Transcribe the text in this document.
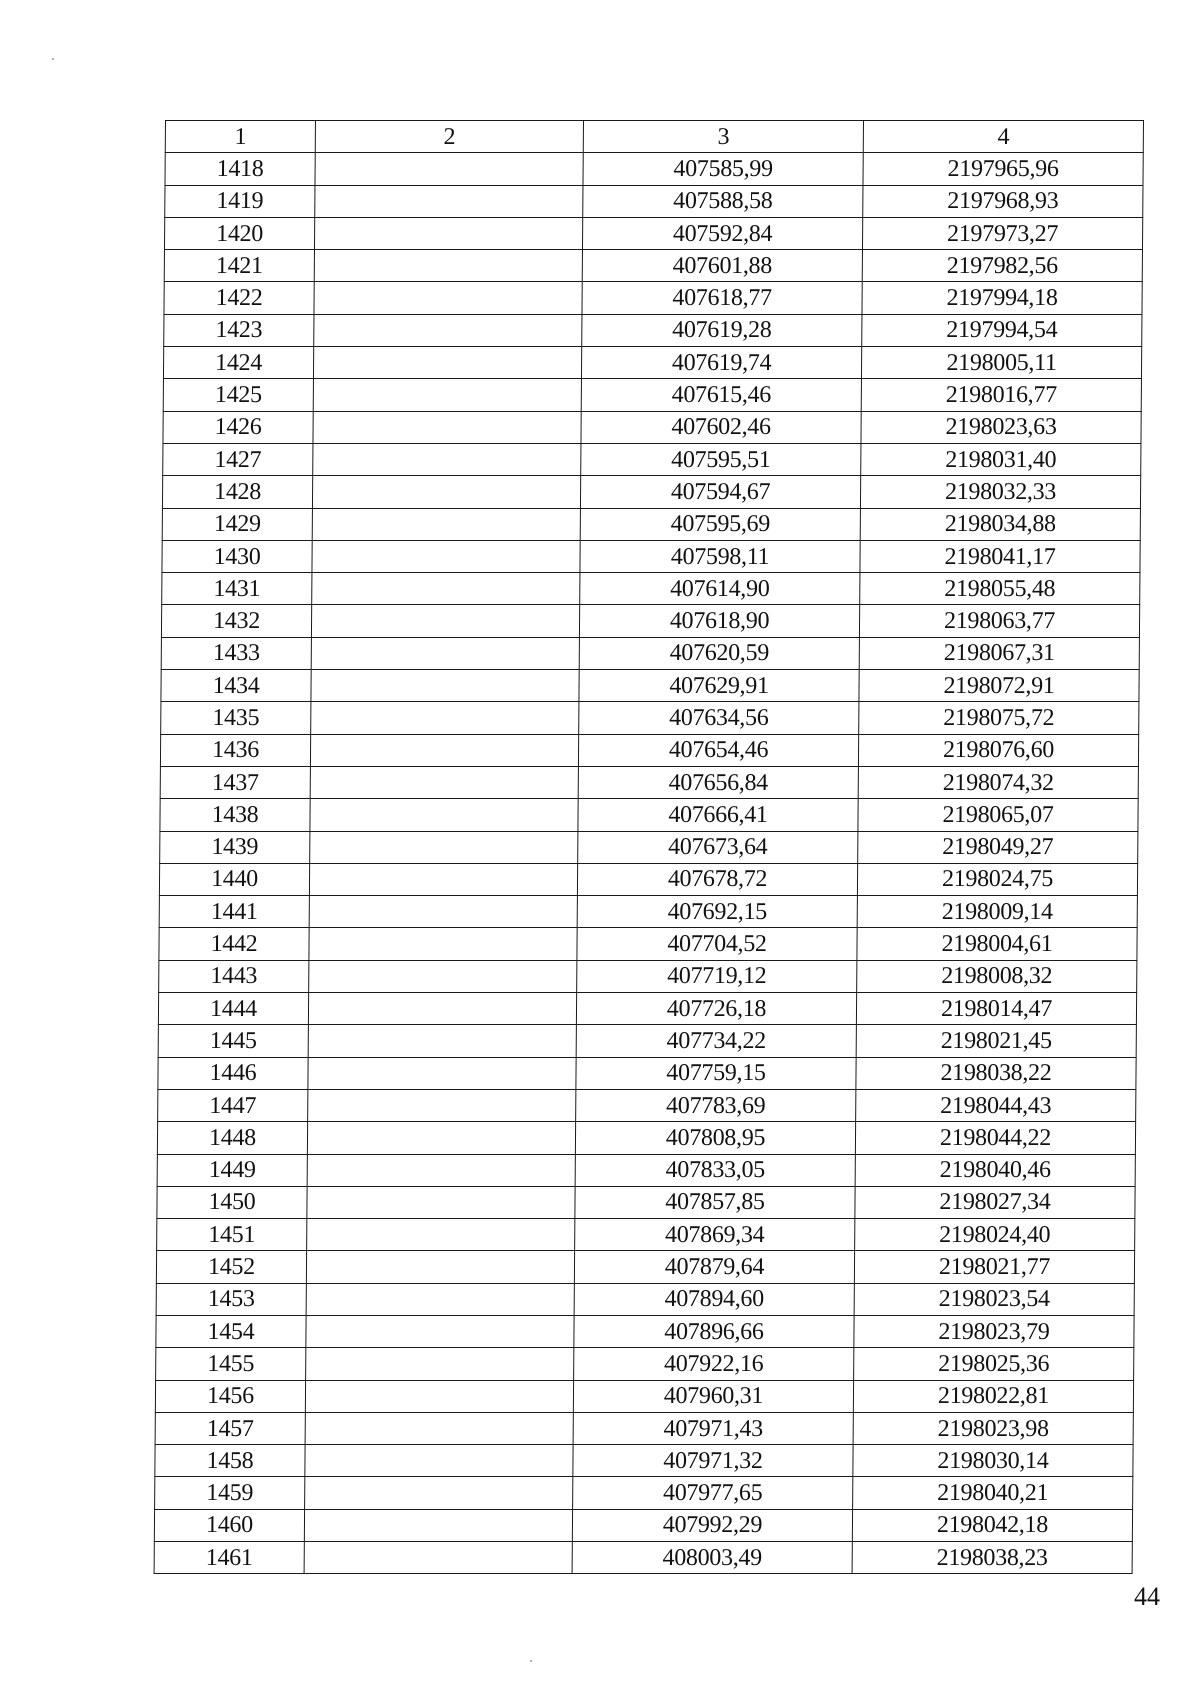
1	2	3	4
1418		407585,99	2197965,96
1419		407588,58	2197968,93
1420		407592,84	2197973,27
1421		407601,88	2197982,56
1422		407618,77	2197994,18
1423		407619,28	2197994,54
1424		407619,74	2198005,11
1425		407615,46	2198016,77
1426		407602,46	2198023,63
1427		407595,51	2198031,40
1428		407594,67	2198032,33
1429		407595,69	2198034,88
1430		407598,11	2198041,17
1431		407614,90	2198055,48
1432		407618,90	2198063,77
1433		407620,59	2198067,31
1434		407629,91	2198072,91
1435		407634,56	2198075,72
1436		407654,46	2198076,60
1437		407656,84	2198074,32
1438		407666,41	2198065,07
1439		407673,64	2198049,27
1440		407678,72	2198024,75
1441		407692,15	2198009,14
1442		407704,52	2198004,61
1443		407719,12	2198008,32
1444		407726,18	2198014,47
1445		407734,22	2198021,45
1446		407759,15	2198038,22
1447		407783,69	2198044,43
1448		407808,95	2198044,22
1449		407833,05	2198040,46
1450		407857,85	2198027,34
1451		407869,34	2198024,40
1452		407879,64	2198021,77
1453		407894,60	2198023,54
1454		407896,66	2198023,79
1455		407922,16	2198025,36
1456		407960,31	2198022,81
1457		407971,43	2198023,98
1458		407971,32	2198030,14
1459		407977,65	2198040,21
1460		407992,29	2198042,18
1461		408003,49	2198038,23
44
